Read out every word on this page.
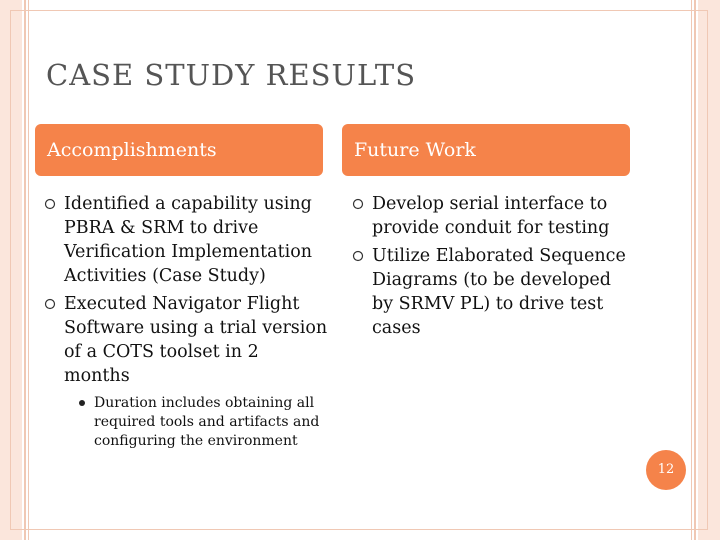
CASE STUDY RESULTS
Accomplishments	Future Work
Identified a capability using PBRA & SRM to drive Verification Implementation Activities (Case Study)
Executed Navigator Flight Software using a trial version of a COTS toolset in 2 months
Duration includes obtaining all required tools and artifacts and configuring the environment
Develop serial interface to provide conduit for testing
Utilize Elaborated Sequence Diagrams (to be developed by SRMV PL) to drive test cases
12
